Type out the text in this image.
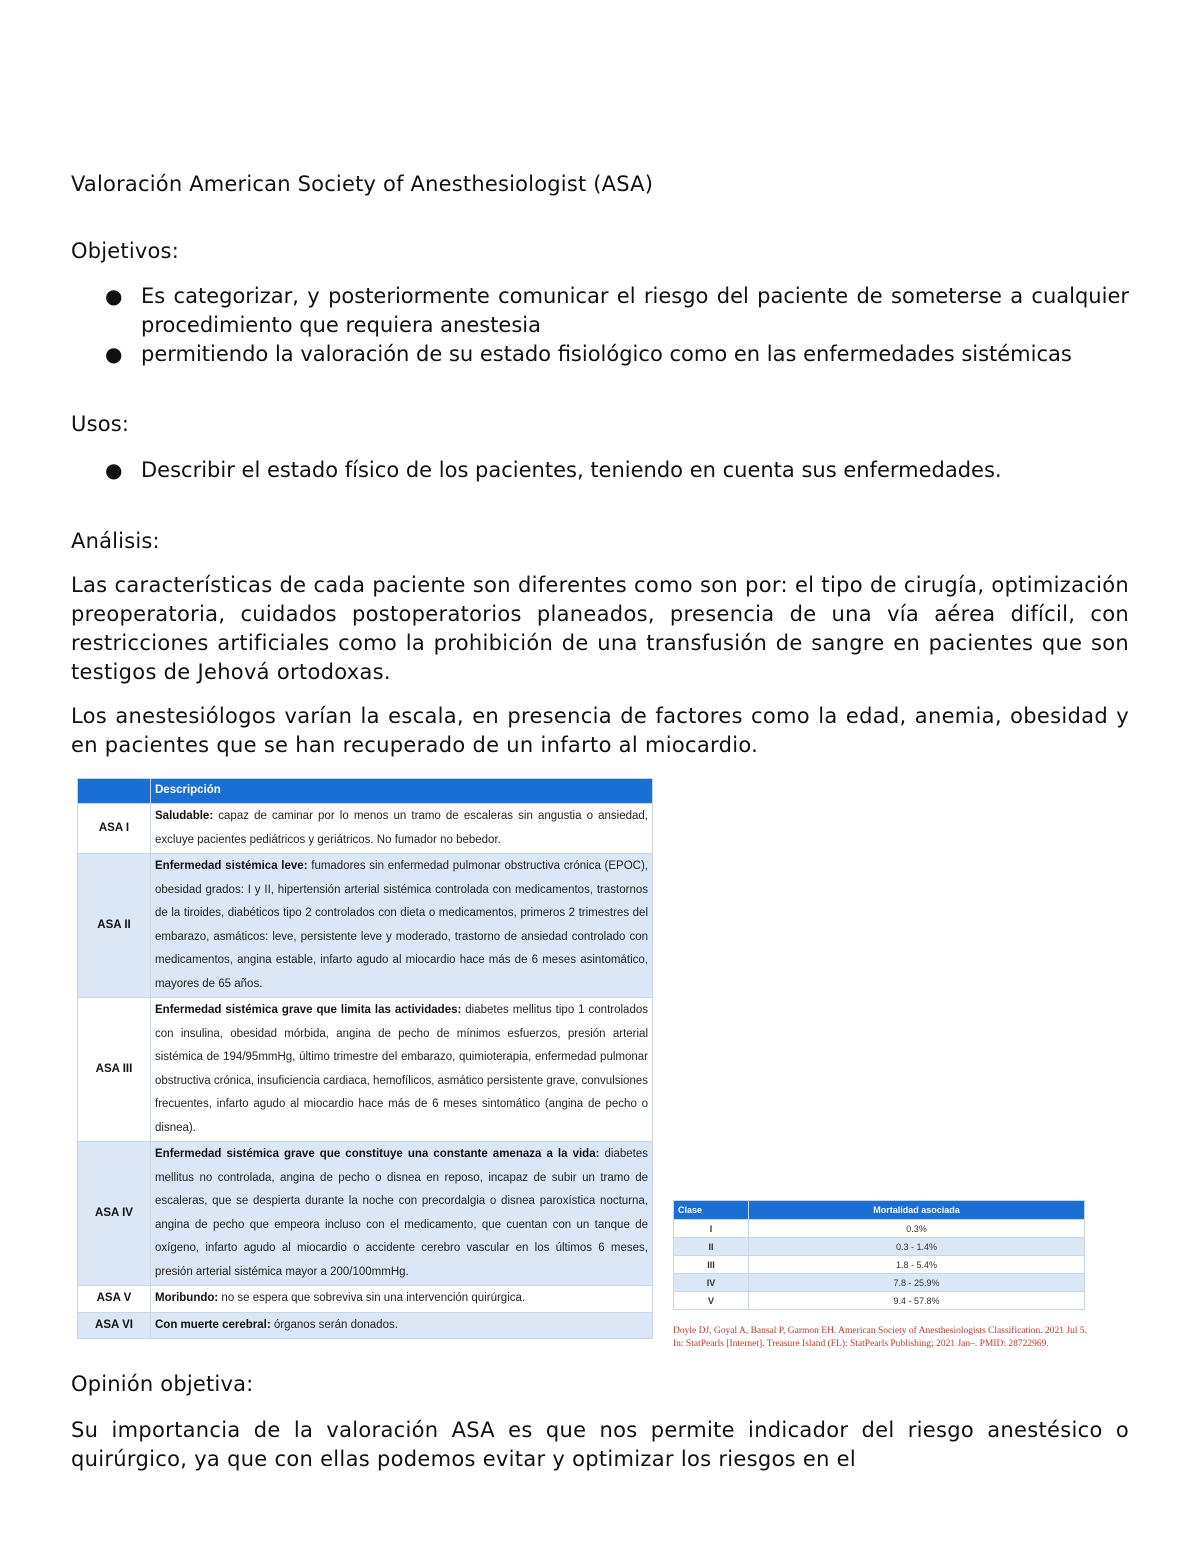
Valoración American Society of Anesthesiologist (ASA)
Objetivos:
● Es categorizar, y posteriormente comunicar el riesgo del paciente de someterse a cualquier procedimiento que requiera anestesia
● permitiendo la valoración de su estado fisiológico como en las enfermedades sistémicas
Usos:
● Describir el estado físico de los pacientes, teniendo en cuenta sus enfermedades.
Análisis:

Las características de cada paciente son diferentes como son por: el tipo de cirugía, optimización preoperatoria, cuidados postoperatorios planeados, presencia de una vía aérea difícil, con restricciones artificiales como la prohibición de una transfusión de sangre en pacientes que son testigos de Jehová ortodoxas.

Los anestesiólogos varían la escala, en presencia de factores como la edad, anemia, obesidad y en pacientes que se han recuperado de un infarto al miocardio.

Opinión objetiva:

Su importancia de la valoración ASA es que nos permite indicador del riesgo anestésico o quirúrgico, ya que con ellas podemos evitar y optimizar los riesgos en el

	Descripción
ASA I	Saludable: capaz de caminar por lo menos un tramo de escaleras sin angustia o ansiedad, excluye pacientes pediátricos y geriátricos. No fumador no bebedor.
ASA II	Enfermedad sistémica leve: fumadores sin enfermedad pulmonar obstructiva crónica (EPOC), obesidad grados: I y II, hipertensión arterial sistémica controlada con medicamentos, trastornos de la tiroides, diabéticos tipo 2 controlados con dieta o medicamentos, primeros 2 trimestres del embarazo, asmáticos: leve, persistente leve y moderado, trastorno de ansiedad controlado con medicamentos, angina estable, infarto agudo al miocardio hace más de 6 meses asintomático, mayores de 65 años.
ASA III	Enfermedad sistémica grave que limita las actividades: diabetes mellitus tipo 1 controlados con insulina, obesidad mórbida, angina de pecho de mínimos esfuerzos, presión arterial sistémica de 194/95mmHg, último trimestre del embarazo, quimioterapia, enfermedad pulmonar obstructiva crónica, insuficiencia cardiaca, hemofílicos, asmático persistente grave, convulsiones frecuentes, infarto agudo al miocardio hace más de 6 meses sintomático (angina de pecho o disnea).
ASA IV	Enfermedad sistémica grave que constituye una constante amenaza a la vida: diabetes mellitus no controlada, angina de pecho o disnea en reposo, incapaz de subir un tramo de escaleras, que se despierta durante la noche con precordalgia o disnea paroxística nocturna, angina de pecho que empeora incluso con el medicamento, que cuentan con un tanque de oxígeno, infarto agudo al miocardio o accidente cerebro vascular en los últimos 6 meses, presión arterial sistémica mayor a 200/100mmHg.
ASA V	Moribundo: no se espera que sobreviva sin una intervención quirúrgica.
ASA VI	Con muerte cerebral: órganos serán donados.
Clase	Mortalidad asociada
I	0.3%
II	0.3 - 1.4%
III	1.8 - 5.4%
IV	7.8 - 25.9%
V	9.4 - 57.8%
Doyle DJ, Goyal A, Bansal P, Garmon EH. American Society of Anesthesiologists Classification. 2021 Jul 5. In: StatPearls [Internet]. Treasure Island (FL): StatPearls Publishing; 2021 Jan–. PMID: 28722969.
